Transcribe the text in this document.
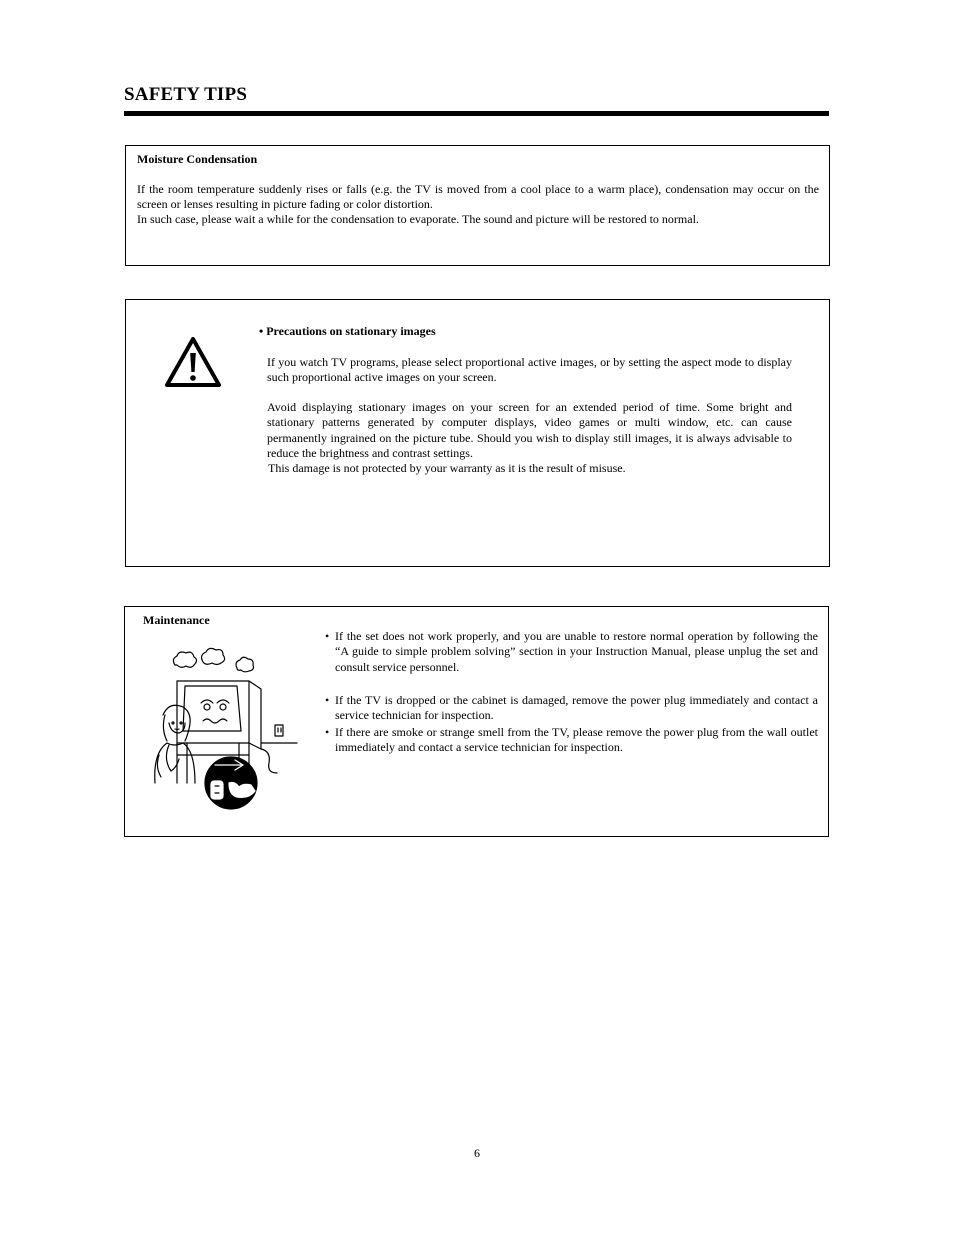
SAFETY TIPS
Moisture Condensation
If the room temperature suddenly rises or falls (e.g. the TV is moved from a cool place to a warm place), condensation may occur on the screen or lenses resulting in picture fading or color distortion.
In such case, please wait a while for the condensation to evaporate. The sound and picture will be restored to normal.
• Precautions on stationary images
If you watch TV programs, please select proportional active images, or by setting the aspect mode to display such proportional active images on your screen.
Avoid displaying stationary images on your screen for an extended period of time. Some bright and stationary patterns generated by computer displays, video games or multi window, etc. can cause permanently ingrained on the picture tube. Should you wish to display still images, it is always advisable to reduce the brightness and contrast settings.
This damage is not protected by your warranty as it is the result of misuse.
Maintenance
• If the set does not work properly, and you are unable to restore normal operation by following the “A guide to simple problem solving” section in your Instruction Manual, please unplug the set and consult service personnel.
• If the TV is dropped or the cabinet is damaged, remove the power plug immediately and contact a service technician for inspection.
• If there are smoke or strange smell from the TV, please remove the power plug from the wall outlet immediately and contact a service technician for inspection.
6
